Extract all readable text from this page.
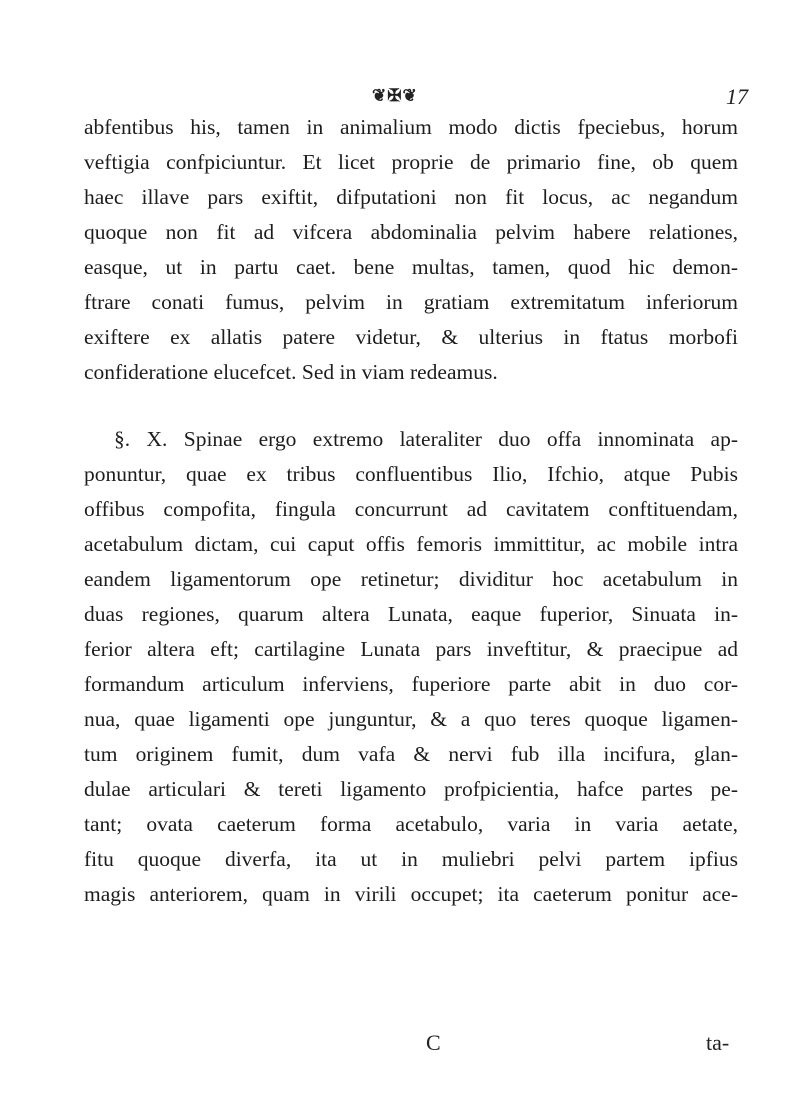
❦✠❦	17
abfentibus his, tamen in animalium modo dictis fpeciebus, horum
veftigia confpiciuntur. Et licet proprie de primario fine, ob quem
haec illave pars exiftit, difputationi non fit locus, ac negandum
quoque non fit ad vifcera abdominalia pelvim habere relationes,
easque, ut in partu caet. bene multas, tamen, quod hic demon-
ftrare conati fumus, pelvim in gratiam extremitatum inferiorum
exiftere ex allatis patere videtur, & ulterius in ftatus morbofi
confideratione elucefcet. Sed in viam redeamus.
§. X. Spinae ergo extremo lateraliter duo offa innominata ap-
ponuntur, quae ex tribus confluentibus Ilio, Ifchio, atque Pubis
offibus compofita, fingula concurrunt ad cavitatem conftituendam,
acetabulum dictam, cui caput offis femoris immittitur, ac mobile intra
eandem ligamentorum ope retinetur; dividitur hoc acetabulum in
duas regiones, quarum altera Lunata, eaque fuperior, Sinuata in-
ferior altera eft; cartilagine Lunata pars inveftitur, & praecipue ad
formandum articulum inferviens, fuperiore parte abit in duo cor-
nua, quae ligamenti ope junguntur, & a quo teres quoque ligamen-
tum originem fumit, dum vafa & nervi fub illa incifura, glan-
dulae articulari & tereti ligamento profpicientia, hafce partes pe-
tant; ovata caeterum forma acetabulo, varia in varia aetate,
fitu quoque diverfa, ita ut in muliebri pelvi partem ipfius
magis anteriorem, quam in virili occupet; ita caeterum ponitur ace-
C	ta-
